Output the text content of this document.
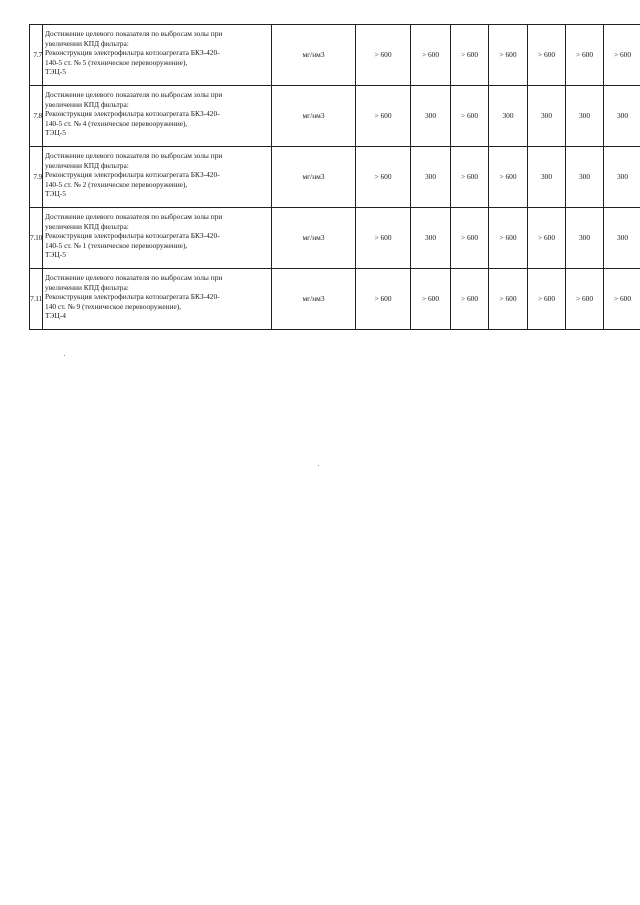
7.7	Достижение целевого показателя по выбросам золы при
увеличении КПД фильтра:
Реконструкция электрофильтра котлоагрегата БКЗ-420-
140-5 ст. № 5 (техническое перевооружение),
ТЭЦ-5	мг/нм3	> 600	> 600	> 600	> 600	> 600	> 600	> 600
7.8	Достижение целевого показателя по выбросам золы при
увеличении КПД фильтра:
Реконструкция электрофильтра котлоагрегата БКЗ-420-
140-5 ст. № 4 (техническое перевооружение),
ТЭЦ-5	мг/нм3	> 600	300	> 600	300	300	300	300
7.9	Достижение целевого показателя по выбросам золы при
увеличении КПД фильтра:
Реконструкция электрофильтра котлоагрегата БКЗ-420-
140-5 ст. № 2 (техническое перевооружение),
ТЭЦ-5	мг/нм3	> 600	300	> 600	> 600	300	300	300
7.10	Достижение целевого показателя по выбросам золы при
увеличении КПД фильтра:
Реконструкция электрофильтра котлоагрегата БКЗ-420-
140-5 ст. № 1 (техническое перевооружение),
ТЭЦ-5	мг/нм3	> 600	300	> 600	> 600	> 600	300	300
7.11	Достижение целевого показателя по выбросам золы при
увеличении КПД фильтра:
Реконструкция электрофильтра котлоагрегата БКЗ-420-
140 ст. № 9 (техническое перевооружение),
ТЭЦ-4	мг/нм3	> 600	> 600	> 600	> 600	> 600	> 600	> 600
